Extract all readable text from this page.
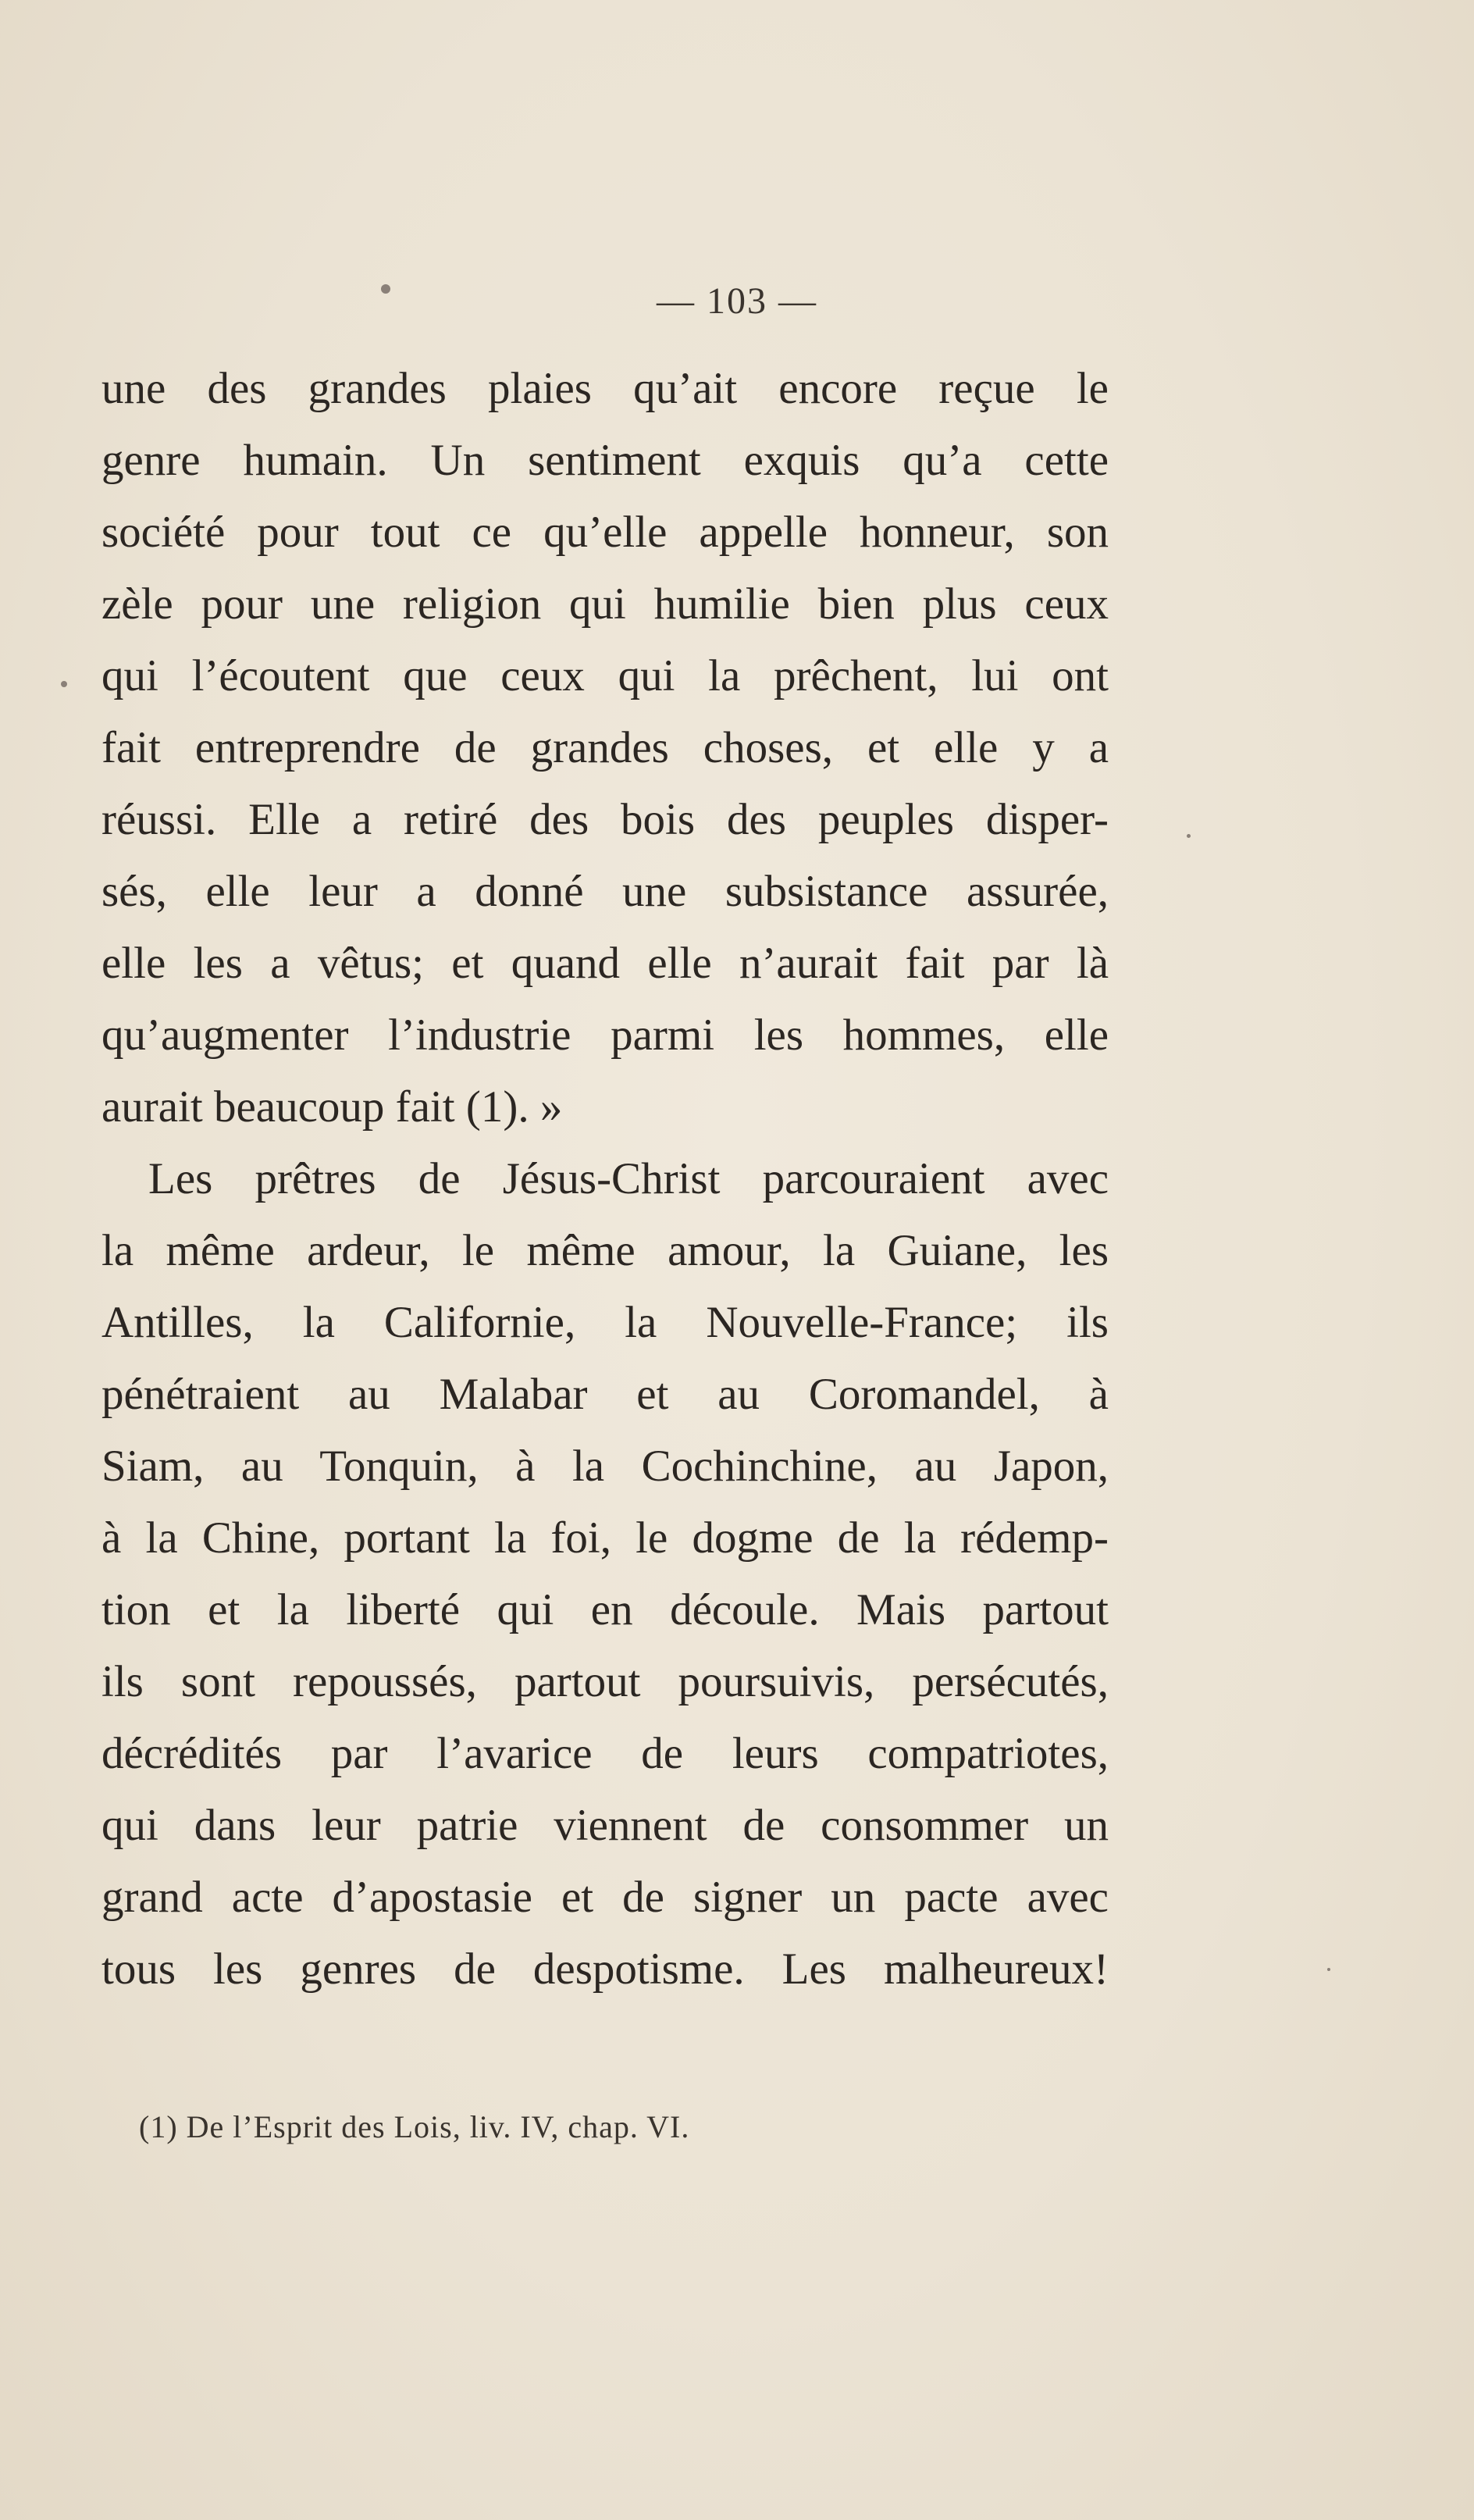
— 103 —
une des grandes plaies qu’ait encore reçue le
genre humain. Un sentiment exquis qu’a cette
société pour tout ce qu’elle appelle honneur, son
zèle pour une religion qui humilie bien plus ceux
qui l’écoutent que ceux qui la prêchent, lui ont
fait entreprendre de grandes choses, et elle y a
réussi. Elle a retiré des bois des peuples disper-
sés, elle leur a donné une subsistance assurée,
elle les a vêtus; et quand elle n’aurait fait par là
qu’augmenter l’industrie parmi les hommes, elle
aurait beaucoup fait (1). »
Les prêtres de Jésus-Christ parcouraient avec
la même ardeur, le même amour, la Guiane, les
Antilles, la Californie, la Nouvelle-France; ils
pénétraient au Malabar et au Coromandel, à
Siam, au Tonquin, à la Cochinchine, au Japon,
à la Chine, portant la foi, le dogme de la rédemp-
tion et la liberté qui en découle. Mais partout
ils sont repoussés, partout poursuivis, persécutés,
décrédités par l’avarice de leurs compatriotes,
qui dans leur patrie viennent de consommer un
grand acte d’apostasie et de signer un pacte avec
tous les genres de despotisme. Les malheureux!
(1) De l’Esprit des Lois, liv. IV, chap. VI.
